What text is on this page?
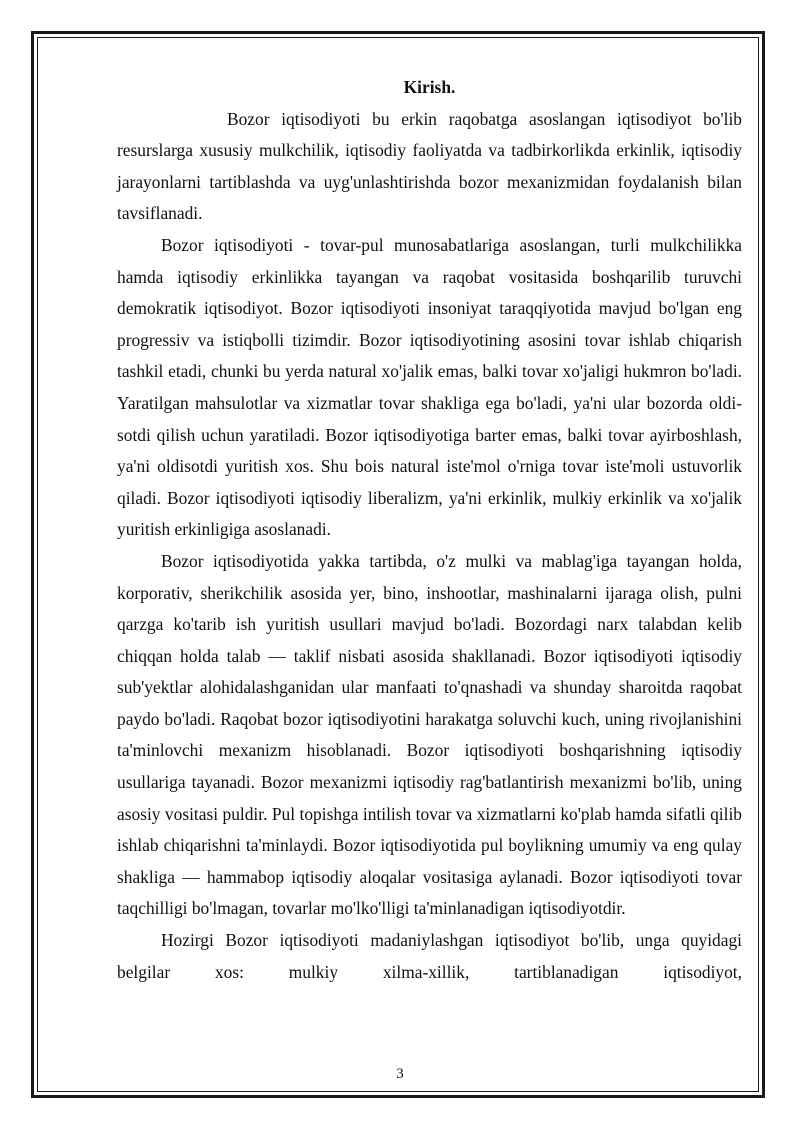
Kirish.

Bozor iqtisodiyoti bu erkin raqobatga asoslangan iqtisodiyot bo'lib resurslarga xususiy mulkchilik, iqtisodiy faoliyatda va tadbirkorlikda erkinlik, iqtisodiy jarayonlarni tartiblashda va uyg'unlashtirishda bozor mexanizmidan foydalanish bilan tavsiflanadi.

Bozor iqtisodiyoti - tovar-pul munosabatlariga asoslangan, turli mulkchilikka hamda iqtisodiy erkinlikka tayangan va raqobat vositasida boshqarilib turuvchi demokratik iqtisodiyot. Bozor iqtisodiyoti insoniyat taraqqiyotida mavjud bo'lgan eng progressiv va istiqbolli tizimdir. Bozor iqtisodiyotining asosini tovar ishlab chiqarish tashkil etadi, chunki bu yerda natural xo'jalik emas, balki tovar xo'jaligi hukmron bo'ladi. Yaratilgan mahsulotlar va xizmatlar tovar shakliga ega bo'ladi, ya'ni ular bozorda oldi-sotdi qilish uchun yaratiladi. Bozor iqtisodiyotiga barter emas, balki tovar ayirboshlash, ya'ni oldisotdi yuritish xos. Shu bois natural iste'mol o'rniga tovar iste'moli ustuvorlik qiladi. Bozor iqtisodiyoti iqtisodiy liberalizm, ya'ni erkinlik, mulkiy erkinlik va xo'jalik yuritish erkinligiga asoslanadi.

Bozor iqtisodiyotida yakka tartibda, o'z mulki va mablag'iga tayangan holda, korporativ, sherikchilik asosida yer, bino, inshootlar, mashinalarni ijaraga olish, pulni qarzga ko'tarib ish yuritish usullari mavjud bo'ladi. Bozordagi narx talabdan kelib chiqqan holda talab — taklif nisbati asosida shakllanadi. Bozor iqtisodiyoti iqtisodiy sub'yektlar alohidalashganidan ular manfaati to'qnashadi va shunday sharoitda raqobat paydo bo'ladi. Raqobat bozor iqtisodiyotini harakatga soluvchi kuch, uning rivojlanishini ta'minlovchi mexanizm hisoblanadi. Bozor iqtisodiyoti boshqarishning iqtisodiy usullariga tayanadi. Bozor mexanizmi iqtisodiy rag'batlantirish mexanizmi bo'lib, uning asosiy vositasi puldir. Pul topishga intilish tovar va xizmatlarni ko'plab hamda sifatli qilib ishlab chiqarishni ta'minlaydi. Bozor iqtisodiyotida pul boylikning umumiy va eng qulay shakliga — hammabop iqtisodiy aloqalar vositasiga aylanadi. Bozor iqtisodiyoti tovar taqchilligi bo'lmagan, tovarlar mo'lko'lligi ta'minlanadigan iqtisodiyotdir.

Hozirgi Bozor iqtisodiyoti madaniylashgan iqtisodiyot bo'lib, unga quyidagi belgilar xos: mulkiy xilma-xillik, tartiblanadigan iqtisodiyot,

3
